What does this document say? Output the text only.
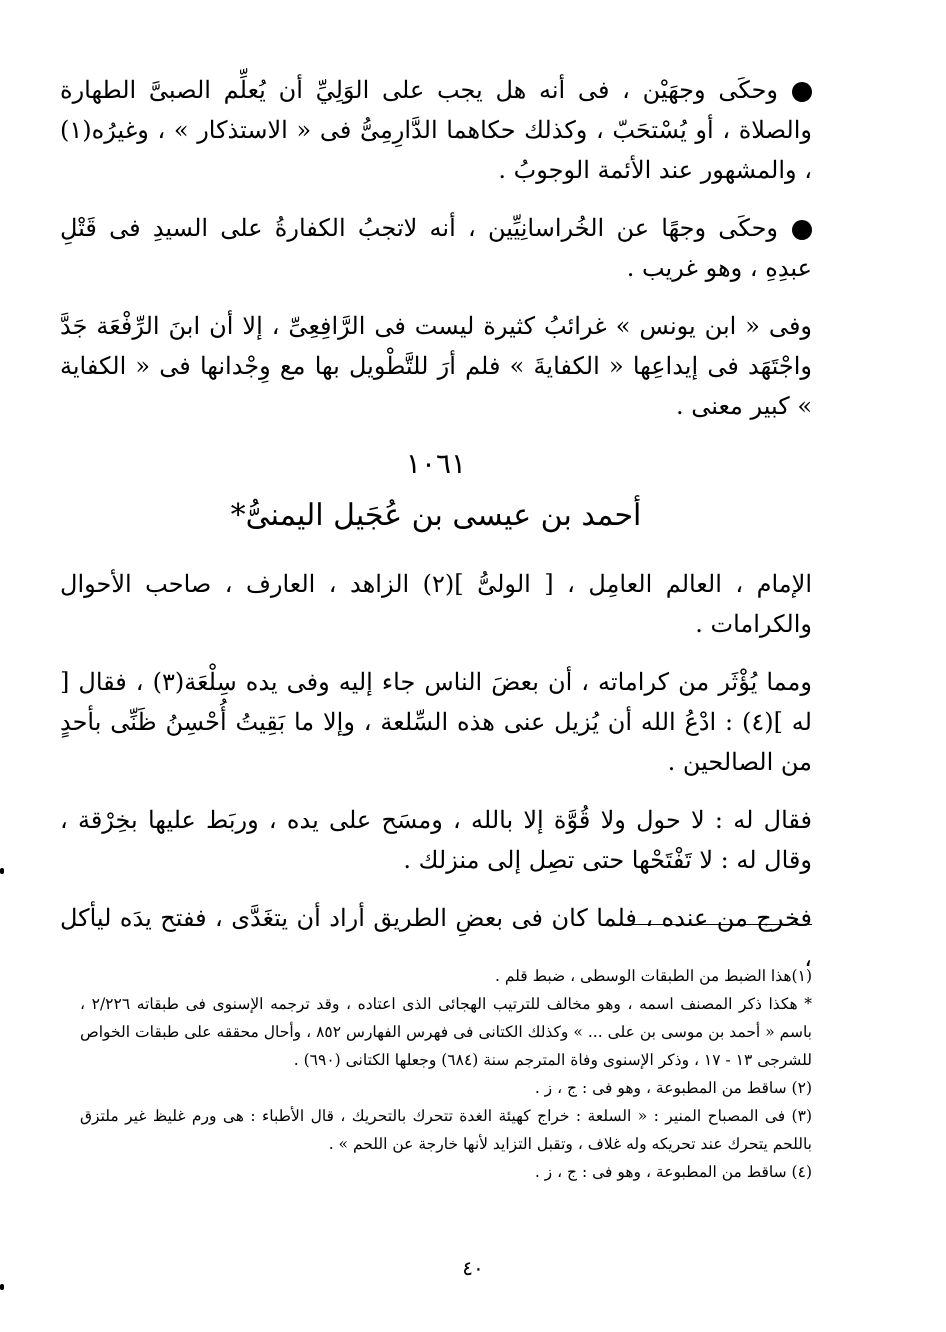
وحكَى وجهَيْن ، فى أنه هل يجب على الوَلِيِّ أن يُعلِّم الصبىَّ الطهارة والصلاة ، أو يُسْتحَبّ ، وكذلك حكاهما الدَّارِمِىُّ فى « الاستذكار » ، وغيرُه(١) ، والمشهور عند الأئمة الوجوبُ .

وحكَى وجهًا عن الخُراسانِيِّين ، أنه لاتجبُ الكفارةُ على السيدِ فى قَتْلِ عبدِهِ ، وهو غريب .

وفى « ابن يونس » غرائبُ كثيرة ليست فى الرَّافِعِىِّ ، إلا أن ابنَ الرِّفْعَة جَدَّ واجْتَهَد فى إيداعِها « الكفايةَ » فلم أرَ للتَّطْويل بها مع وِجْدانها فى « الكفاية » كبير معنى .

١٠٦١
أحمد بن عيسى بن عُجَيل اليمنىُّ*

الإمام ، العالم العامِل ، [ الولىُّ ](٢) الزاهد ، العارف ، صاحب الأحوال والكرامات .

ومما يُؤْثَر من كراماته ، أن بعضَ الناس جاء إليه وفى يده سِلْعَة(٣) ، فقال [ له ](٤) : ادْعُ الله أن يُزيل عنى هذه السِّلعة ، وإلا ما بَقِيتُ أُحْسِنُ ظَنِّى بأحدٍ من الصالحين .

فقال له : لا حول ولا قُوَّة إلا بالله ، ومسَح على يده ، وربَط عليها بخِرْقة ، وقال له : لا تَفْتَحْها حتى تصِل إلى منزلك .

فخرج من عنده ، فلما كان فى بعضِ الطريق أراد أن يتغَدَّى ، ففتح يدَه ليأكل ،

(١)هذا الضبط من الطبقات الوسطى ، ضبط قلم .

* هكذا ذكر المصنف اسمه ، وهو مخالف للترتيب الهجائى الذى اعتاده ، وقد ترجمه الإسنوى فى طبقاته ٢/٢٢٦ ، باسم « أحمد بن موسى بن على ... » وكذلك الكتانى فى فهرس الفهارس ٨٥٢ ، وأحال محققه على طبقات الخواص للشرجى ١٣ - ١٧ ، وذكر الإسنوى وفاة المترجم سنة (٦٨٤) وجعلها الكتانى (٦٩٠) .

(٢) ساقط من المطبوعة ، وهو فى : ج ، ز .

(٣) فى المصباح المنير : « السلعة : خراج كهيئة الغدة تتحرك بالتحريك ، قال الأطباء : هى ورم غليظ غير ملتزق باللحم يتحرك عند تحريكه وله غلاف ، وتقبل التزايد لأنها خارجة عن اللحم » .

(٤) ساقط من المطبوعة ، وهو فى : ج ، ز .

٤٠
